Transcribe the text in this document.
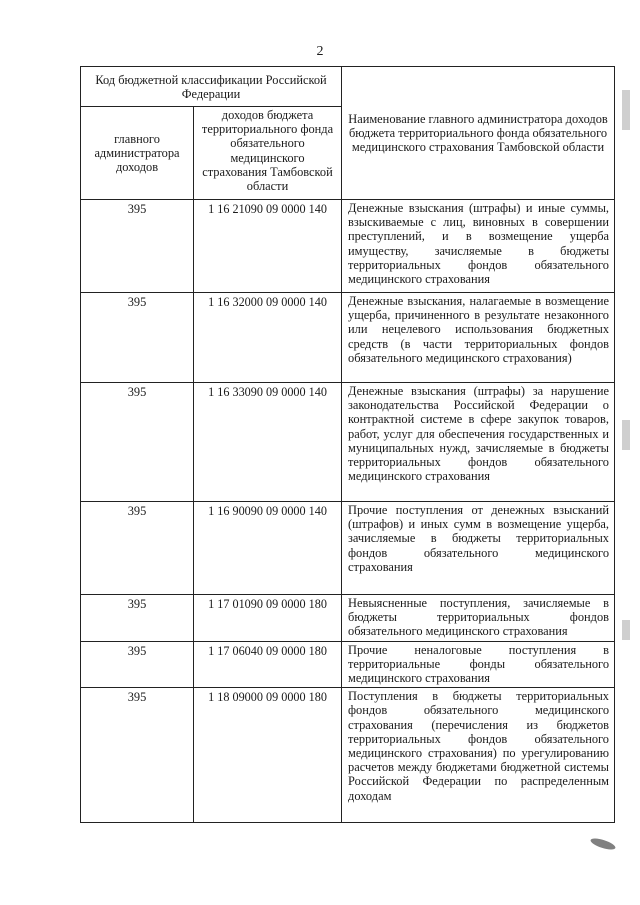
2
Код бюджетной классификации Российской Федерации		Наименование главного администратора доходов бюджета территориального фонда обязательного медицинского страхования Тамбовской области
главного администратора доходов	доходов бюджета территориального фонда обязательного медицинского страхования Тамбовской области	
395	1 16 21090 09 0000 140	Денежные взыскания (штрафы) и иные суммы, взыскиваемые с лиц, виновных в совершении преступлений, и в возмещение ущерба имуществу, зачисляемые в бюджеты территориальных фондов обязательного медицинского страхования
395	1 16 32000 09 0000 140	Денежные взыскания, налагаемые в возмещение ущерба, причиненного в результате незаконного или нецелевого использования бюджетных средств (в части территориальных фондов обязательного медицинского страхования)
395	1 16 33090 09 0000 140	Денежные взыскания (штрафы) за нарушение законодательства Российской Федерации о контрактной системе в сфере закупок товаров, работ, услуг для обеспечения государственных и муниципальных нужд, зачисляемые в бюджеты территориальных фондов обязательного медицинского страхования
395	1 16 90090 09 0000 140	Прочие поступления от денежных взысканий (штрафов) и иных сумм в возмещение ущерба, зачисляемые в бюджеты территориальных фондов обязательного медицинского страхования
395	1 17 01090 09 0000 180	Невыясненные поступления, зачисляемые в бюджеты территориальных фондов обязательного медицинского страхования
395	1 17 06040 09 0000 180	Прочие неналоговые поступления в территориальные фонды обязательного медицинского страхования
395	1 18 09000 09 0000 180	Поступления в бюджеты территориальных фондов обязательного медицинского страхования (перечисления из бюджетов территориальных фондов обязательного медицинского страхования) по урегулированию расчетов между бюджетами бюджетной системы Российской Федерации по распределенным доходам
